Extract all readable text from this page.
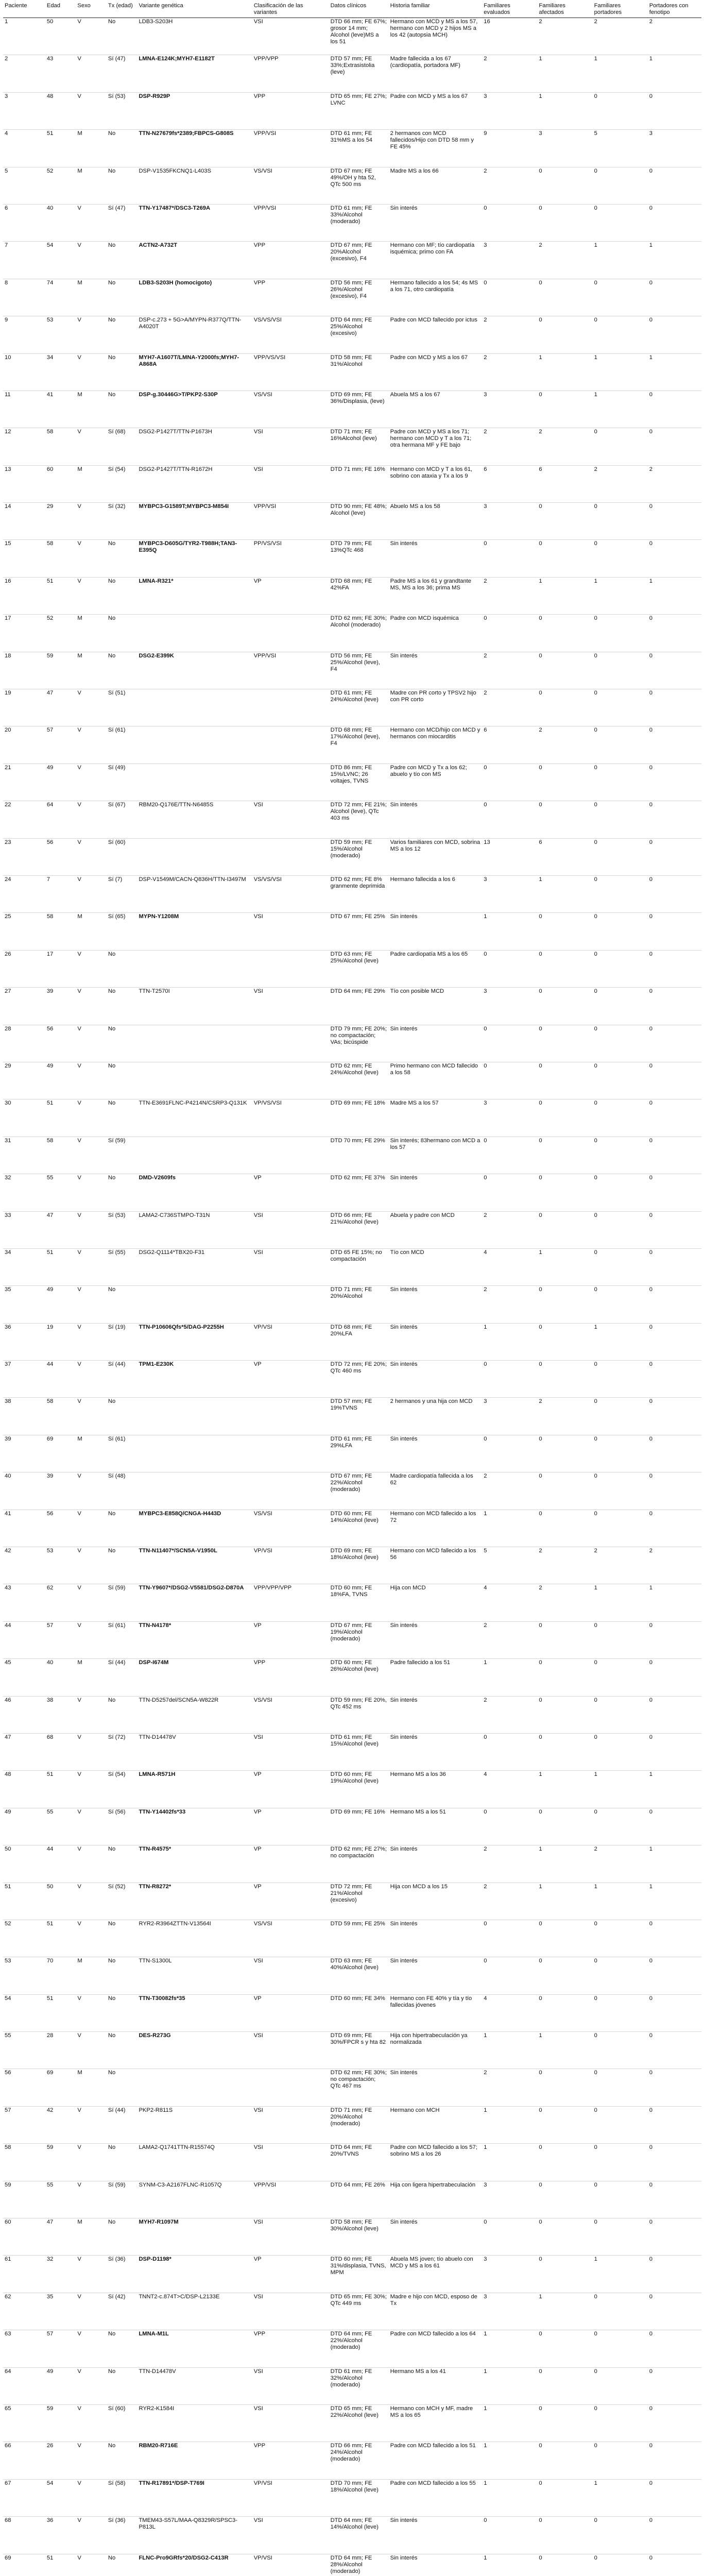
Paciente	Edad	Sexo	Tx (edad)	Variante genética	Clasificación de las variantes	Datos clínicos	Historia familiar	Familiares evaluados	Familiares afectados	Familiares portadores	Portadores con fenotipo
1	50	V	No	LDB3-S203H	VSI	DTD 66 mm; FE 67%; grosor 14 mm; Alcohol (leve)MS a los 51	Hermano con MCD y MS a los 57, hermano con MCD y 2 hijos MS a los 42 (autopsia MCH)	16	2	2	2
2	43	V	Sí (47)	LMNA-E124K;MYH7-E1182T	VPP/VPP	DTD 57 mm; FE 33%;Extrasistolia (leve)	Madre fallecida a los 67 (cardiopatía, portadora MF)	2	1	1	1
3	48	V	Sí (53)	DSP-R929P	VPP	DTD 65 mm; FE 27%; LVNC	Padre con MCD y MS a los 67	3	1	0	0
4	51	M	No	TTN-N27679fs*2389;FBPCS-G808S	VPP/VSI	DTD 61 mm; FE 31%MS a los 54	2 hermanos con MCD fallecidos/Hijo con DTD 58 mm y FE 45%	9	3	5	3
5	52	M	No	DSP-V1535FKCNQ1-L403S	VS/VSI	DTD 67 mm; FE 49%/OH y hta 52, QTc 500 ms	Madre MS a los 66	2	0	0	0
6	40	V	Sí (47)	TTN-Y17487*/DSC3-T269A	VPP/VSI	DTD 61 mm; FE 33%/Alcohol (moderado)	Sin interés	0	0	0	0
7	54	V	No	ACTN2-A732T	VPP	DTD 67 mm; FE 20%Alcohol (excesivo), F4	Hermano con MF; tío cardiopatía isquémica; primo con FA	3	2	1	1
8	74	M	No	LDB3-S203H (homocigoto)	VPP	DTD 56 mm; FE 26%/Alcohol (excesivo), F4	Hermano fallecido a los 54; 4s MS a los 71, otro cardiopatía	0	0	0	0
9	53	V	No	DSP-c.273 + 5G>A/MYPN-R377Q/TTN-A4020T	VS/VS/VSI	DTD 64 mm; FE 25%/Alcohol (excesivo)	Padre con MCD fallecido por ictus	2	0	0	0
10	34	V	No	MYH7-A1607T/LMNA-Y2000fs;MYH7-A868A	VPP/VS/VSI	DTD 58 mm; FE 31%/Alcohol	Padre con MCD y MS a los 67	2	1	1	1
11	41	M	No	DSP-g.30446G>T/PKP2-S30P	VS/VSI	DTD 69 mm; FE 36%/Displasia, (leve)	Abuela MS a los 67	3	0	1	0
12	58	V	Sí (68)	DSG2-P1427T/TTN-P1673H	VSI	DTD 71 mm; FE 16%Alcohol (leve)	Padre con MCD y MS a los 71; hermano con MCD y T a los 71; otra hermana MF y FE bajo	2	2	0	0
13	60	M	Sí (54)	DSG2-P1427T/TTN-R1672H	VSI	DTD 71 mm; FE 16%	Hermano con MCD y T a los 61, sobrino con ataxia y Tx a los 9	6	6	2	2
14	29	V	Sí (32)	MYBPC3-G1589T;MYBPC3-M854I	VPP/VSI	DTD 90 mm; FE 48%; Alcohol (leve)	Abuelo MS a los 58	3	0	0	0
15	58	V	No	MYBPC3-D605G/TYR2-T988H;TAN3-E395Q	PP/VS/VSI	DTD 79 mm; FE 13%QTc 468	Sin interés	0	0	0	0
16	51	V	No	LMNA-R321*	VP	DTD 68 mm; FE 42%FA	Padre MS a los 61 y grandtante MS, MS a los 36; prima MS	2	1	1	1
17	52	M	No			DTD 62 mm; FE 30%; Alcohol (moderado)	Padre con MCD isquémica	0	0	0	0
18	59	M	No	DSG2-E399K	VPP/VSI	DTD 56 mm; FE 25%/Alcohol (leve), F4	Sin interés	2	0	0	0
19	47	V	Sí (51)			DTD 61 mm; FE 24%/Alcohol (leve)	Madre con PR corto y TPSV2 hijo con PR corto	2	0	0	0
20	57	V	Sí (61)			DTD 68 mm; FE 17%/Alcohol (leve), F4	Hermano con MCD/hijo con MCD y hermanos con miocarditis	6	2	0	0
21	49	V	Sí (49)			DTD 86 mm; FE 15%/LVNC; 26 voltajes, TVNS	Padre con MCD y Tx a los 62; abuelo y tío con MS	0	0	0	0
22	64	V	Sí (67)	RBM20-Q176E/TTN-N6485S	VSI	DTD 72 mm; FE 21%; Alcohol (leve), QTc 403 ms	Sin interés	0	0	0	0
23	56	V	Sí (60)			DTD 59 mm; FE 15%/Alcohol (moderado)	Varios familiares con MCD, sobrina MS a los 12	13	6	0	0
24	7	V	Sí (7)	DSP-V1549M/CACN-Q836H/TTN-I3497M	VS/VS/VSI	DTD 62 mm; FE 8% granmente deprimida	Hermano fallecida a los 6	3	1	0	0
25	58	M	Sí (65)	MYPN-Y1208M	VSI	DTD 67 mm; FE 25%	Sin interés	1	0	0	0
26	17	V	No			DTD 63 mm; FE 25%/Alcohol (leve)	Padre cardiopatía MS a los 65	0	0	0	0
27	39	V	No	TTN-T2570I	VSI	DTD 64 mm; FE 29%	Tío con posible MCD	3	0	0	0
28	56	V	No			DTD 79 mm; FE 20%; no compactación; VAs; bicúspide	Sin interés	0	0	0	0
29	49	V	No			DTD 62 mm; FE 24%/Alcohol (leve)	Primo hermano con MCD fallecido a los 58	0	0	0	0
30	51	V	No	TTN-E3691FLNC-P4214N/CSRP3-Q131K	VP/VS/VSI	DTD 69 mm; FE 18%	Madre MS a los 57	3	0	0	0
31	58	V	Sí (59)			DTD 70 mm; FE 29%	Sin interés; 83hermano con MCD a los 57	0	0	0	0
32	55	V	No	DMD-V2609fs	VP	DTD 62 mm; FE 37%	Sin interés	0	0	0	0
33	47	V	Sí (53)	LAMA2-C736STMPO-T31N	VSI	DTD 66 mm; FE 21%/Alcohol (leve)	Abuela y padre con MCD	2	0	0	0
34	51	V	Sí (55)	DSG2-Q1114*TBX20-F31	VSI	DTD 65 FE 15%; no compactación	Tío con MCD	4	1	0	0
35	49	V	No			DTD 71 mm; FE 20%/Alcohol	Sin interés	2	0	0	0
36	19	V	Sí (19)	TTN-P10606Qfs*5/DAG-P2255H	VP/VSI	DTD 68 mm; FE 20%LFA	Sin interés	1	0	1	0
37	44	V	Sí (44)	TPM1-E230K	VP	DTD 72 mm; FE 20%; QTc 460 ms	Sin interés	0	0	0	0
38	58	V	No			DTD 57 mm; FE 19%TVNS	2 hermanos y una hija con MCD	3	2	0	0
39	69	M	Sí (61)			DTD 61 mm; FE 29%LFA	Sin interés	0	0	0	0
40	39	V	Sí (48)			DTD 67 mm; FE 22%/Alcohol (moderado)	Madre cardiopatía fallecida a los 62	2	0	0	0
41	56	V	No	MYBPC3-E858Q/CNGA-H443D	VS/VSI	DTD 60 mm; FE 14%/Alcohol (leve)	Hermano con MCD fallecido a los 72	1	0	0	0
42	53	V	No	TTN-N11407*/SCN5A-V1950L	VP/VSI	DTD 69 mm; FE 18%/Alcohol (leve)	Hermano con MCD fallecido a los 56	5	2	2	2
43	62	V	Sí (59)	TTN-Y9607*/DSG2-V5581/DSG2-D870A	VPP/VPP/VPP	DTD 60 mm; FE 18%FA, TVNS	Hija con MCD	4	2	1	1
44	57	V	Sí (61)	TTN-N4178*	VP	DTD 67 mm; FE 19%/Alcohol (moderado)	Sin interés	2	0	0	0
45	40	M	Sí (44)	DSP-I674M	VPP	DTD 60 mm; FE 26%/Alcohol (leve)	Padre fallecido a los 51	1	0	0	0
46	38	V	No	TTN-D5257del/SCN5A-W822R	VS/VSI	DTD 59 mm; FE 20%, QTc 452 ms	Sin interés	2	0	0	0
47	68	V	Sí (72)	TTN-D14478V	VSI	DTD 61 mm; FE 15%/Alcohol (leve)	Sin interés	0	0	0	0
48	51	V	Sí (54)	LMNA-R571H	VP	DTD 60 mm; FE 19%/Alcohol (leve)	Hermano MS a los 36	4	1	1	1
49	55	V	Sí (56)	TTN-Y14402fs*33	VP	DTD 69 mm; FE 16%	Hermano MS a los 51	0	0	0	0
50	44	V	No	TTN-R4575*	VP	DTD 62 mm; FE 27%; no compactación	Sin interés	2	1	2	1
51	50	V	Sí (52)	TTN-R8272*	VP	DTD 72 mm; FE 21%/Alcohol (excesivo)	Hija con MCD a los 15	2	1	1	1
52	51	V	No	RYR2-R3964ZTTN-V13564I	VS/VSI	DTD 59 mm; FE 25%	Sin interés	0	0	0	0
53	70	M	No	TTN-S1300L	VSI	DTD 63 mm; FE 40%/Alcohol (leve)	Sin interés	0	0	0	0
54	51	V	No	TTN-T30082fs*35	VP	DTD 60 mm; FE 34%	Hermano con FE 40% y tía y tío fallecidas jóvenes	4	0	0	0
55	28	V	No	DES-R273G	VSI	DTD 69 mm; FE 30%/FPCR s y hta 82	Hija con hipertrabeculación ya normalizada	1	1	0	0
56	69	M	No			DTD 62 mm; FE 30%; no compactación; QTc 467 ms	Sin interés	2	0	0	0
57	42	V	Sí (44)	PKP2-R811S	VSI	DTD 71 mm; FE 20%/Alcohol (moderado)	Hermano con MCH	1	0	0	0
58	59	V	No	LAMA2-Q1741TTN-R15574Q	VSI	DTD 64 mm; FE 20%/TVNS	Padre con MCD fallecido a los 57; sobrino MS a los 26	1	0	0	0
59	55	V	Sí (59)	SYNM-C3-A2167FLNC-R1057Q	VPP/VSI	DTD 64 mm; FE 26%	Hija con ligera hipertrabeculación	3	0	0	0
60	47	M	No	MYH7-R1097M	VSI	DTD 58 mm; FE 30%/Alcohol (leve)	Sin interés	0	0	0	0
61	32	V	Sí (36)	DSP-D1198*	VP	DTD 60 mm; FE 31%/displasia, TVNS, MPM	Abuela MS joven; tío abuelo con MCD y MS a los 61	3	0	1	0
62	35	V	Sí (42)	TNNT2-c.874T>C/DSP-L2133E	VSI	DTD 65 mm; FE 30%; QTc 449 ms	Madre e hijo con MCD, esposo de Tx	3	1	0	0
63	57	V	No	LMNA-M1L	VPP	DTD 64 mm; FE 22%/Alcohol (moderado)	Padre con MCD fallecido a los 64	1	0	0	0
64	49	V	No	TTN-D14478V	VSI	DTD 61 mm; FE 32%/Alcohol (moderado)	Hermano MS a los 41	1	0	0	0
65	59	V	Sí (60)	RYR2-K1584I	VSI	DTD 65 mm; FE 22%/Alcohol (leve)	Hermano con MCH y MF, madre MS a los 65	1	0	0	0
66	26	V	No	RBM20-R716E	VPP	DTD 66 mm; FE 24%/Alcohol (moderado)	Padre con MCD fallecido a los 51	1	0	0	0
67	54	V	Sí (58)	TTN-R17891*/DSP-T769I	VP/VSI	DTD 70 mm; FE 18%/Alcohol (leve)	Padre con MCD fallecido a los 55	1	0	1	0
68	36	V	Sí (36)	TMEM43-S57L/MAA-Q8329R/SPSC3-P813L	VSI	DTD 64 mm; FE 14%/Alcohol (leve)	Sin interés	0	0	0	0
69	51	V	No	FLNC-Pro9GRfs*20/DSG2-C413R	VP/VSI	DTD 64 mm; FE 28%/Alcohol (moderado)	Sin interés	1	0	0	0
